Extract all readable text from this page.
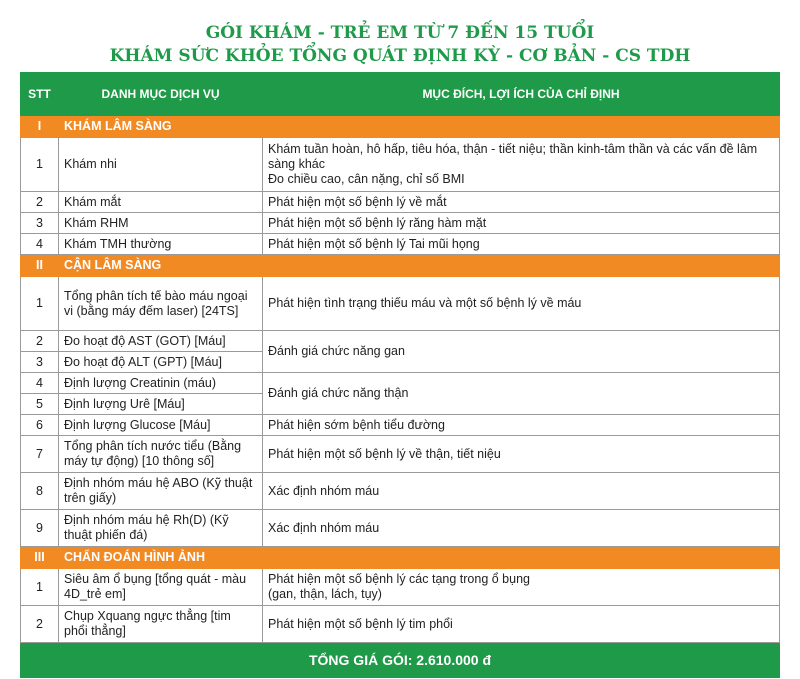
GÓI KHÁM - TRẺ EM TỪ 7 ĐẾN 15 TUỔI
KHÁM SỨC KHỎE TỔNG QUÁT ĐỊNH KỲ - CƠ BẢN - CS TDH
STT	DANH MỤC DỊCH VỤ	MỤC ĐÍCH, LỢI ÍCH CỦA CHỈ ĐỊNH
I	KHÁM LÂM SÀNG	
1	Khám nhi	Khám tuần hoàn, hô hấp, tiêu hóa, thận - tiết niệu; thần kinh-tâm thần và các vấn đề lâm sàng khác
Đo chiều cao, cân nặng, chỉ số BMI

2	Khám mắt	Phát hiện một số bệnh lý về mắt
3	Khám RHM	Phát hiện một số bệnh lý răng hàm mặt
4	Khám TMH thường	Phát hiện một số bệnh lý Tai mũi họng
II	CẬN LÂM SÀNG	
1	Tổng phân tích tế bào máu ngoại vi (bằng máy đếm laser) [24TS]	Phát hiện tình trạng thiếu máu và một số bệnh lý về máu
2	Đo hoạt độ AST (GOT) [Máu]	Đánh giá chức năng gan
3	Đo hoạt độ ALT (GPT) [Máu]	
4	Định lượng Creatinin (máu)	Đánh giá chức năng thận
5	Định lượng Urê [Máu]	
6	Định lượng Glucose [Máu]	Phát hiện sớm bệnh tiểu đường
7	Tổng phân tích nước tiểu (Bằng máy tự động) [10 thông số]	Phát hiện một số bệnh lý về thận, tiết niệu
8	Định nhóm máu hệ ABO (Kỹ thuật trên giấy)	Xác định nhóm máu
9	Định nhóm máu hệ Rh(D) (Kỹ thuật phiến đá)	Xác định nhóm máu
III	CHẨN ĐOÁN HÌNH ẢNH	
1	Siêu âm ổ bụng [tổng quát - màu 4D_trẻ em]	Phát hiện một số bệnh lý các tạng trong ổ bụng (gan, thận, lách, tụy)
2	Chụp Xquang ngực thẳng [tim phổi thẳng]	Phát hiện một số bệnh lý tim phổi
TỔNG GIÁ GÓI: 2.610.000 đ		
